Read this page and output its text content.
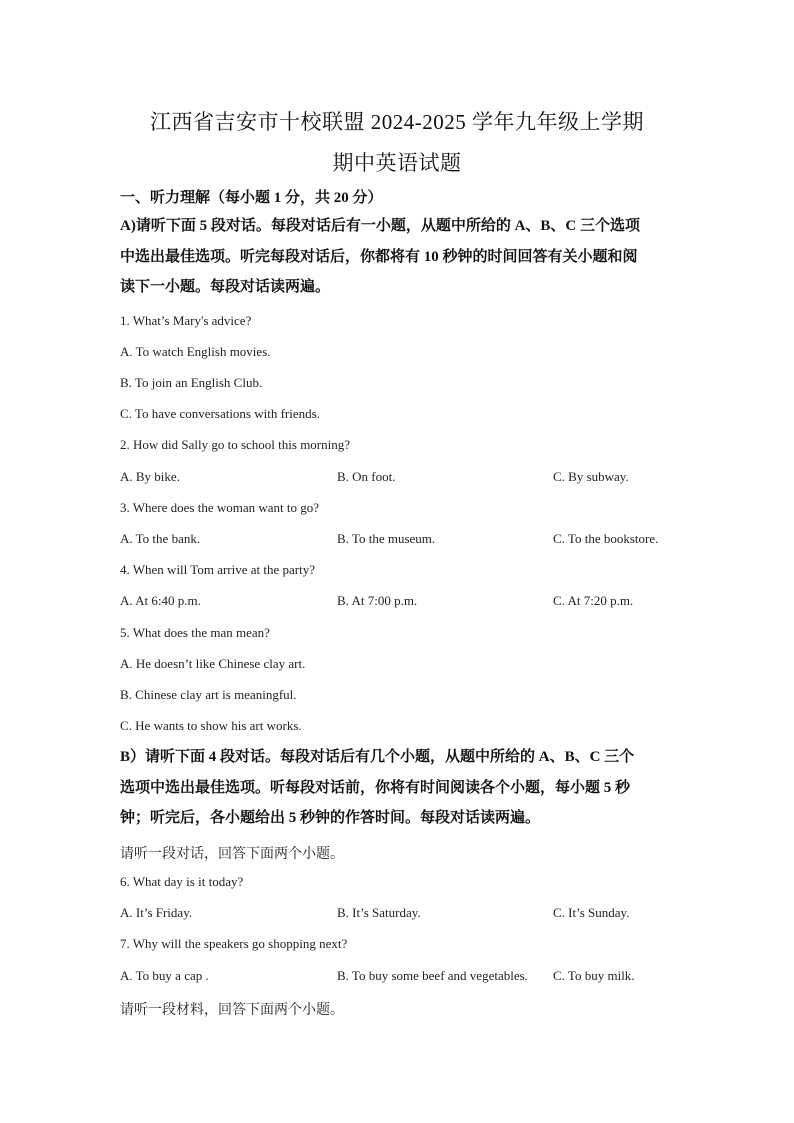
江西省吉安市十校联盟 2024-2025 学年九年级上学期
期中英语试题
一、听力理解（每小题 1 分，共 20 分）
A)请听下面 5 段对话。每段对话后有一小题，从题中所给的 A、B、C 三个选项
中选出最佳选项。听完每段对话后，你都将有 10 秒钟的时间回答有关小题和阅
读下一小题。每段对话读两遍。
1. What’s Mary's advice?
A. To watch English movies.
B. To join an English Club.
C. To have conversations with friends.
2. How did Sally go to school this morning?
A. By bike.	B. On foot.	C. By subway.
3. Where does the woman want to go?
A. To the bank.	B. To the museum.	C. To the bookstore.
4. When will Tom arrive at the party?
A. At 6:40 p.m.	B. At 7:00 p.m.	C. At 7:20 p.m.
5. What does the man mean?
A. He doesn’t like Chinese clay art.
B. Chinese clay art is meaningful.
C. He wants to show his art works.
B）请听下面 4 段对话。每段对话后有几个小题，从题中所给的 A、B、C 三个
选项中选出最佳选项。听每段对话前，你将有时间阅读各个小题，每小题 5 秒
钟；听完后，各小题给出 5 秒钟的作答时间。每段对话读两遍。
请听一段对话，回答下面两个小题。
6. What day is it today?
A. It’s Friday.	B. It’s Saturday.	C. It’s Sunday.
7. Why will the speakers go shopping next?
A. To buy a cap .	B. To buy some beef and vegetables. C. To buy milk.
请听一段材料，回答下面两个小题。
